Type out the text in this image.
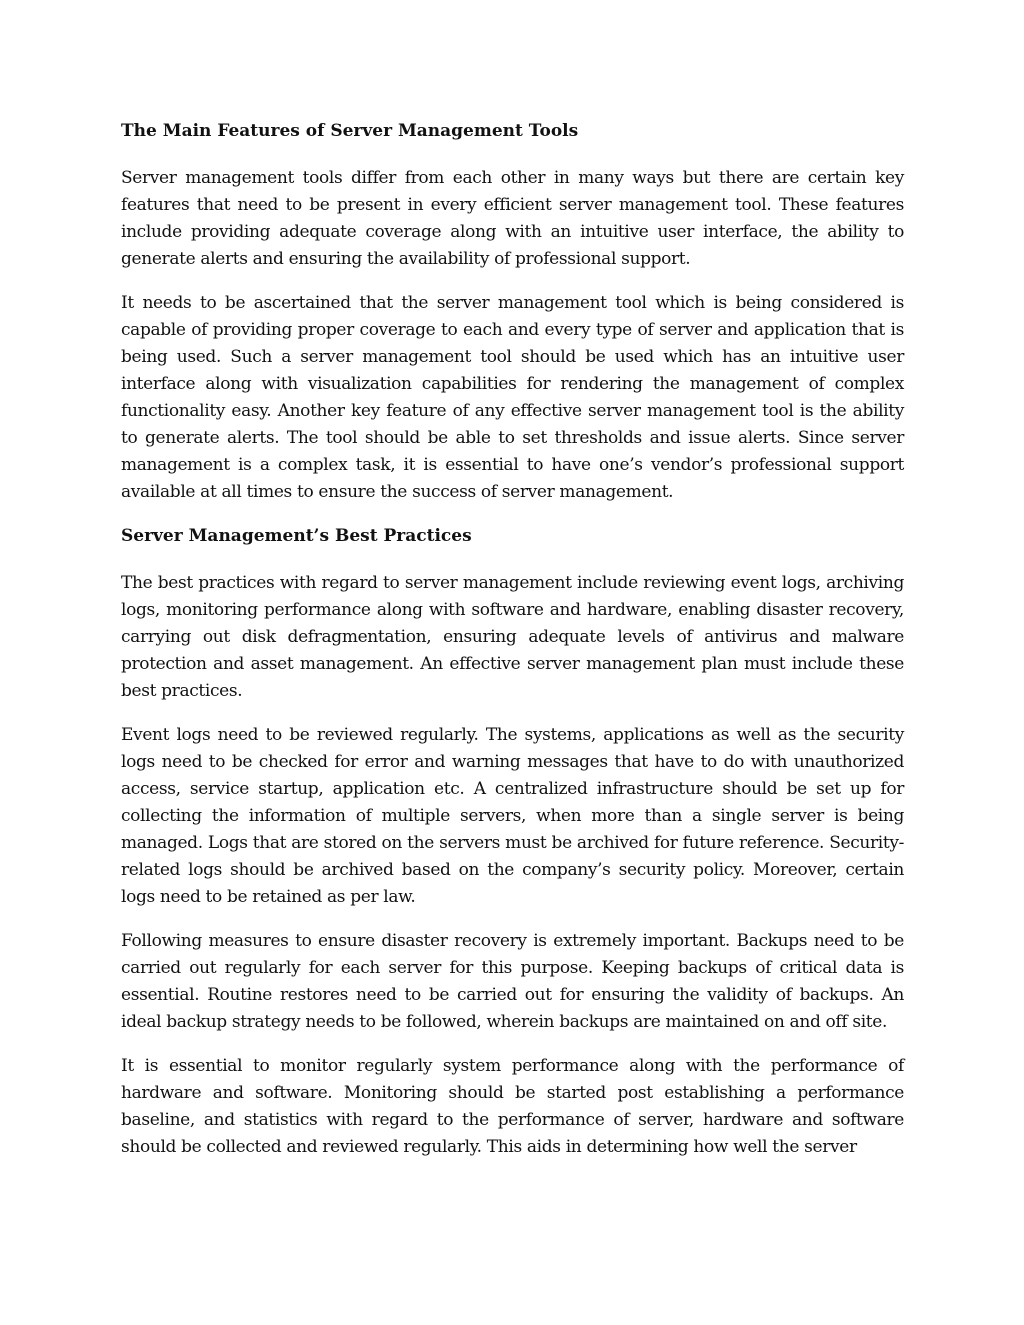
The Main Features of Server Management Tools

Server management tools differ from each other in many ways but there are certain key features that need to be present in every efficient server management tool. These features include providing adequate coverage along with an intuitive user interface, the ability to generate alerts and ensuring the availability of professional support.

It needs to be ascertained that the server management tool which is being considered is capable of providing proper coverage to each and every type of server and application that is being used. Such a server management tool should be used which has an intuitive user interface along with visualization capabilities for rendering the management of complex functionality easy. Another key feature of any effective server management tool is the ability to generate alerts. The tool should be able to set thresholds and issue alerts. Since server management is a complex task, it is essential to have one’s vendor’s professional support available at all times to ensure the success of server management.

Server Management’s Best Practices

The best practices with regard to server management include reviewing event logs, archiving logs, monitoring performance along with software and hardware, enabling disaster recovery, carrying out disk defragmentation, ensuring adequate levels of antivirus and malware protection and asset management. An effective server management plan must include these best practices.

Event logs need to be reviewed regularly. The systems, applications as well as the security logs need to be checked for error and warning messages that have to do with unauthorized access, service startup, application etc. A centralized infrastructure should be set up for collecting the information of multiple servers, when more than a single server is being managed. Logs that are stored on the servers must be archived for future reference. Security-related logs should be archived based on the company’s security policy. Moreover, certain logs need to be retained as per law.

Following measures to ensure disaster recovery is extremely important. Backups need to be carried out regularly for each server for this purpose. Keeping backups of critical data is essential. Routine restores need to be carried out for ensuring the validity of backups. An ideal backup strategy needs to be followed, wherein backups are maintained on and off site.

It is essential to monitor regularly system performance along with the performance of hardware and software. Monitoring should be started post establishing a performance baseline, and statistics with regard to the performance of server, hardware and software should be collected and reviewed regularly. This aids in determining how well the server
